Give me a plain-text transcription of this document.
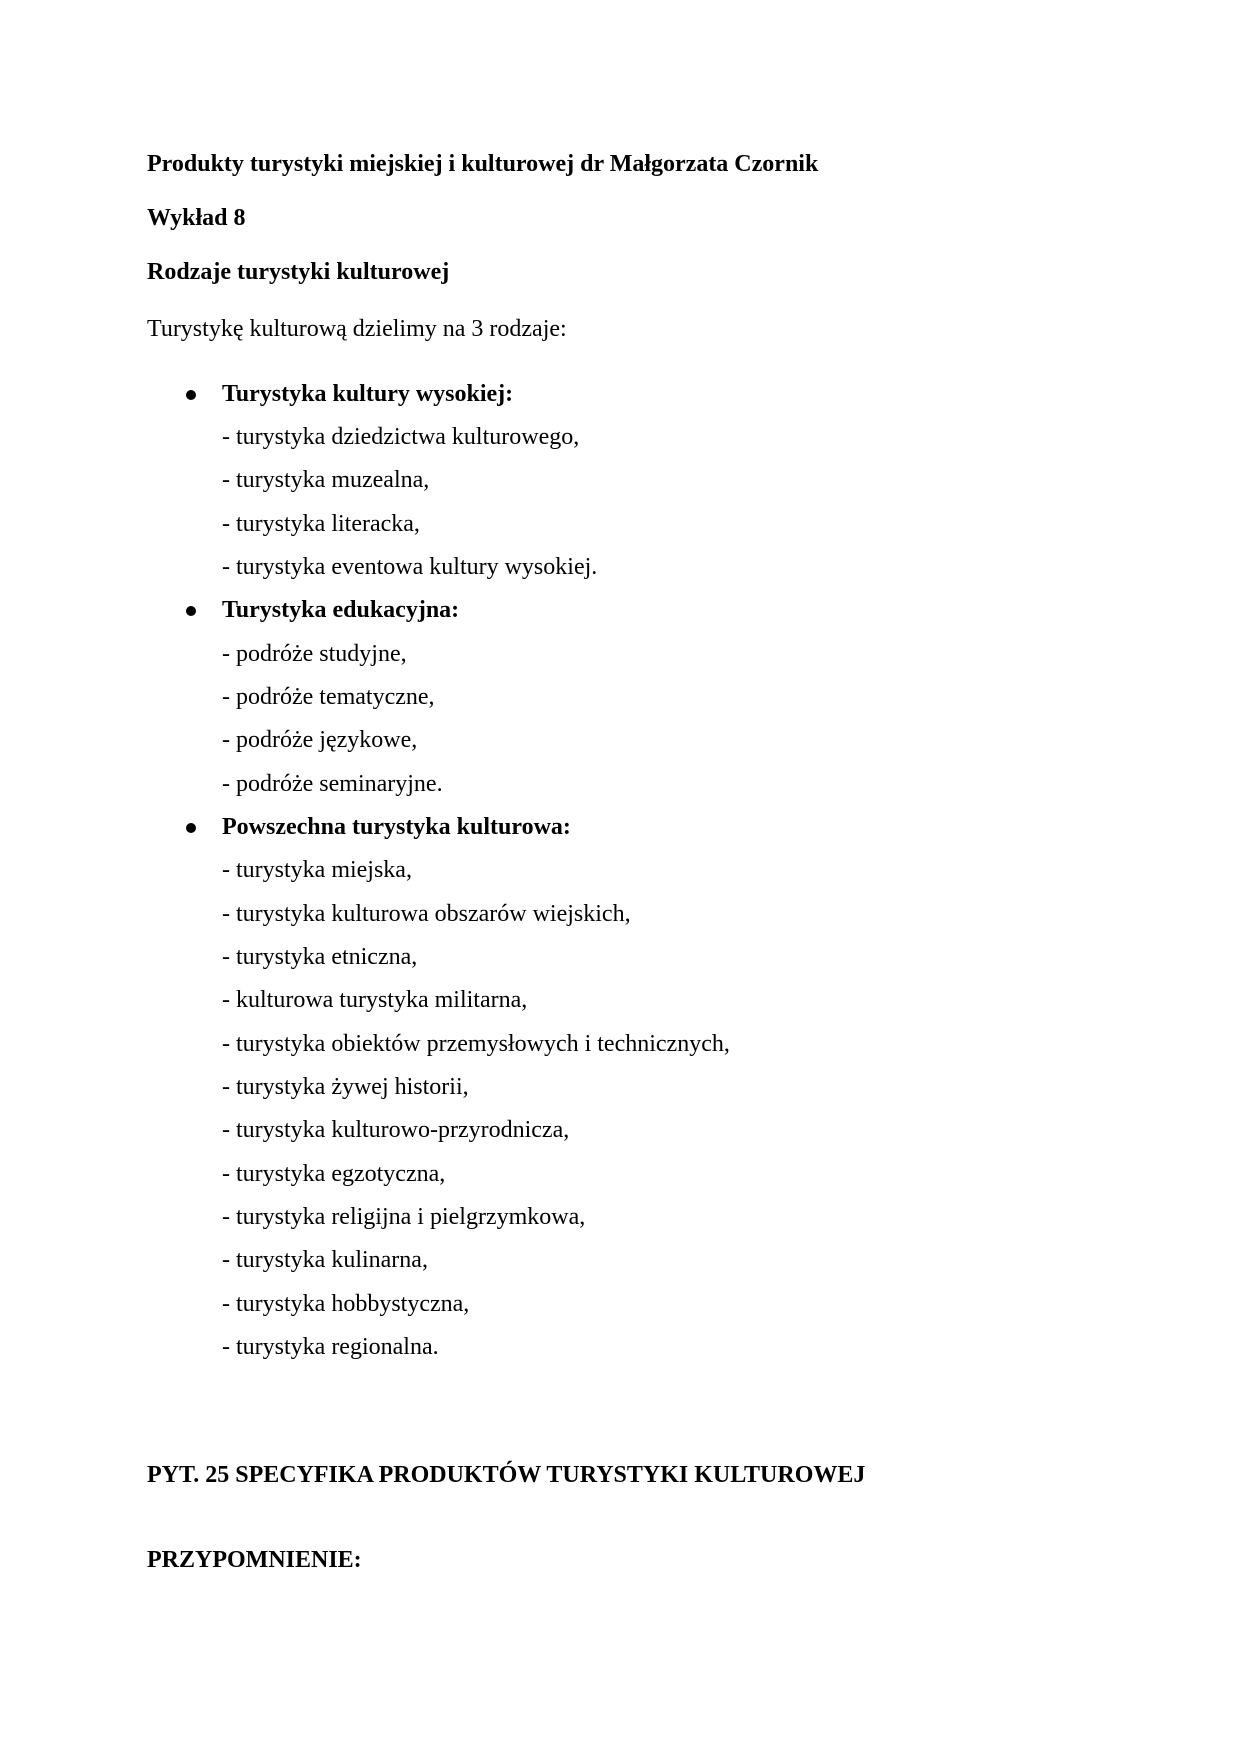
Produkty turystyki miejskiej i kulturowej dr Małgorzata Czornik
Wykład 8
Rodzaje turystyki kulturowej
Turystykę kulturową dzielimy na 3 rodzaje:
Turystyka kultury wysokiej:
- turystyka dziedzictwa kulturowego,
- turystyka muzealna,
- turystyka literacka,
- turystyka eventowa kultury wysokiej.
Turystyka edukacyjna:
- podróże studyjne,
- podróże tematyczne,
- podróże językowe,
- podróże seminaryjne.
Powszechna turystyka kulturowa:
- turystyka miejska,
- turystyka kulturowa obszarów wiejskich,
- turystyka etniczna,
- kulturowa turystyka militarna,
- turystyka obiektów przemysłowych i technicznych,
- turystyka żywej historii,
- turystyka kulturowo-przyrodnicza,
- turystyka egzotyczna,
- turystyka religijna i pielgrzymkowa,
- turystyka kulinarna,
- turystyka hobbystyczna,
- turystyka regionalna.
PYT. 25 SPECYFIKA PRODUKTÓW TURYSTYKI KULTUROWEJ
PRZYPOMNIENIE:
